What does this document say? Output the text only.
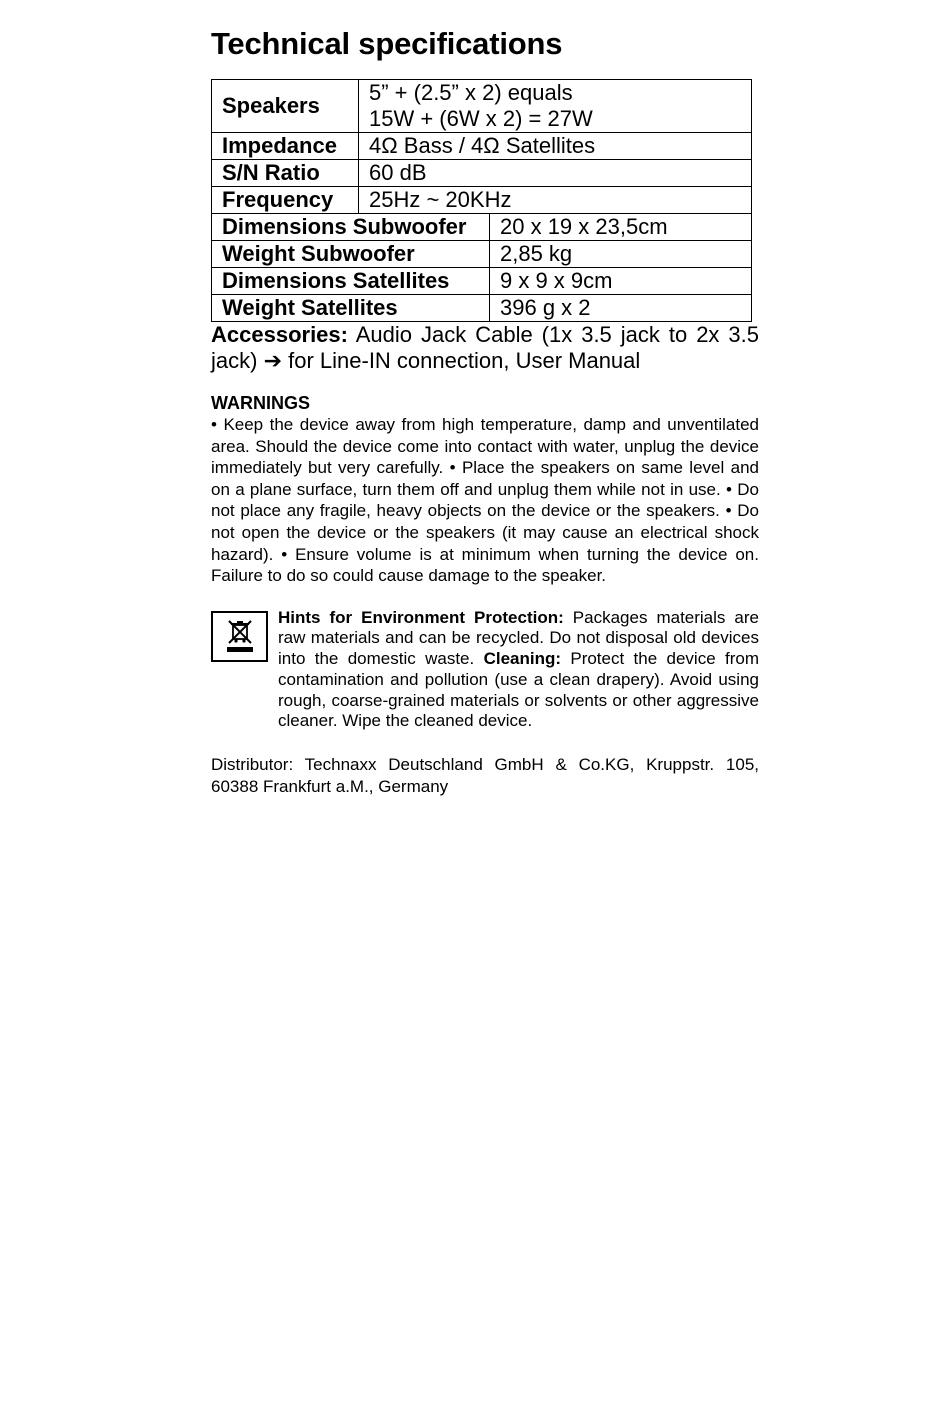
Technical specifications
Speakers	5” + (2.5” x 2) equals
15W + (6W x 2) = 27W

Impedance	4Ω Bass / 4Ω Satellites
S/N Ratio	60 dB
Frequency	25Hz ~ 20KHz
Dimensions Subwoofer	20 x 19 x 23,5cm
Weight Subwoofer	2,85 kg
Dimensions Satellites	9 x 9 x 9cm
Weight Satellites	396 g x 2

Accessories: Audio Jack Cable (1x 3.5 jack to 2x 3.5 jack) ➔ for Line-IN connection, User Manual

WARNINGS

• Keep the device away from high temperature, damp and unventilated area. Should the device come into contact with water, unplug the device immediately but very carefully. • Place the speakers on same level and on a plane surface, turn them off and unplug them while not in use. • Do not place any fragile, heavy objects on the device or the speakers. • Do not open the device or the speakers (it may cause an electrical shock hazard). • Ensure volume is at minimum when turning the device on. Failure to do so could cause damage to the speaker.

Hints for Environment Protection: Packages materials are raw materials and can be recycled. Do not disposal old devices into the domestic waste. Cleaning: Protect the device from contamination and pollution (use a clean drapery). Avoid using rough, coarse-grained materials or solvents or other aggressive cleaner. Wipe the cleaned device.
Distributor: Technaxx Deutschland GmbH & Co.KG, Kruppstr. 105, 60388 Frankfurt a.M., Germany
